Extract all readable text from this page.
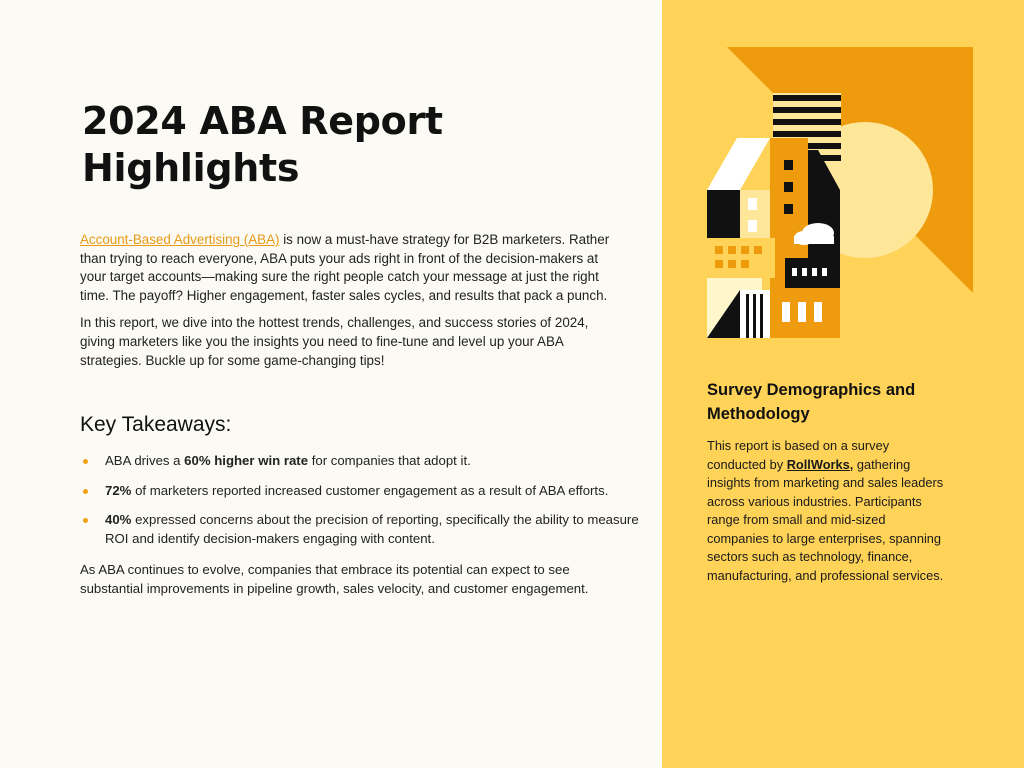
2024 ABA Report Highlights

Account-Based Advertising (ABA) is now a must-have strategy for B2B marketers. Rather than trying to reach everyone, ABA puts your ads right in front of the decision-makers at your target accounts—making sure the right people catch your message at just the right time. The payoff? Higher engagement, faster sales cycles, and results that pack a punch.

In this report, we dive into the hottest trends, challenges, and success stories of 2024, giving marketers like you the insights you need to fine-tune and level up your ABA strategies. Buckle up for some game-changing tips!

Key Takeaways:
ABA drives a 60% higher win rate for companies that adopt it.
72% of marketers reported increased customer engagement as a result of ABA efforts.
40% expressed concerns about the precision of reporting, specifically the ability to measure ROI and identify decision-makers engaging with content.

As ABA continues to evolve, companies that embrace its potential can expect to see substantial improvements in pipeline growth, sales velocity, and customer engagement.

Survey Demographics and Methodology

This report is based on a survey conducted by RollWorks, gathering insights from marketing and sales leaders across various industries. Participants range from small and mid-sized companies to large enterprises, spanning sectors such as technology, finance, manufacturing, and professional services.
